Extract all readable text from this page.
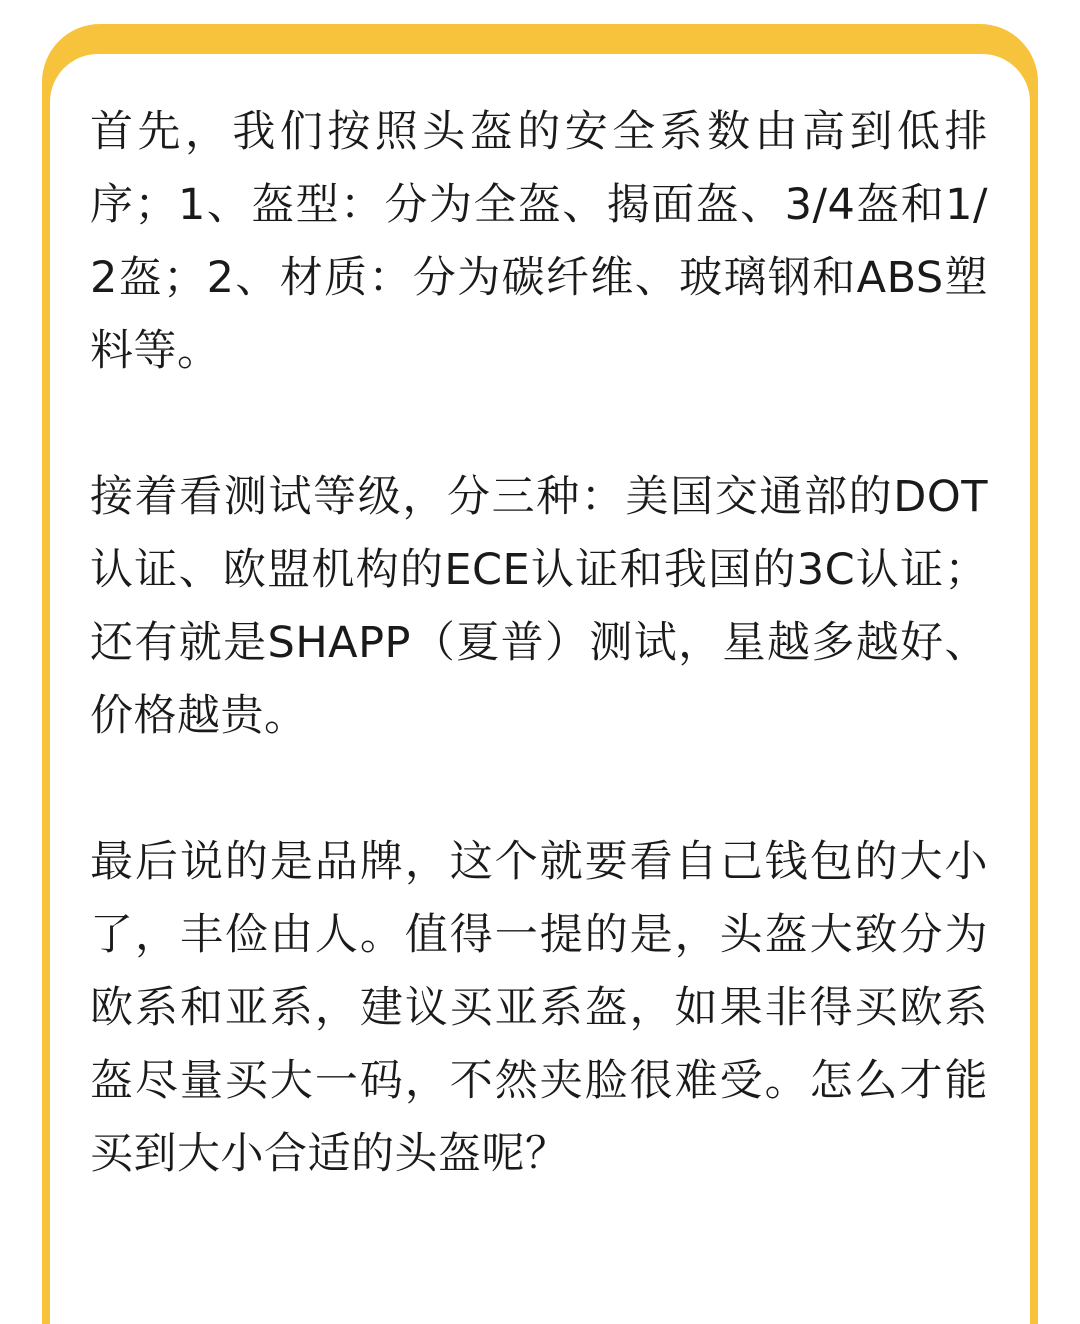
首先，我们按照头盔的安全系数由高到低排序；1、盔型：分为全盔、揭面盔、3/4盔和1/2盔；2、材质：分为碳纤维、玻璃钢和ABS塑料等。

接着看测试等级，分三种：美国交通部的DOT 认证、欧盟机构的ECE认证和我国的3C认证；还有就是SHAPP（夏普）测试，星越多越好、价格越贵。

最后说的是品牌，这个就要看自己钱包的大小了，丰俭由人。值得一提的是，头盔大致分为欧系和亚系，建议买亚系盔，如果非得买欧系盔尽量买大一码，不然夹脸很难受。怎么才能买到大小合适的头盔呢？
